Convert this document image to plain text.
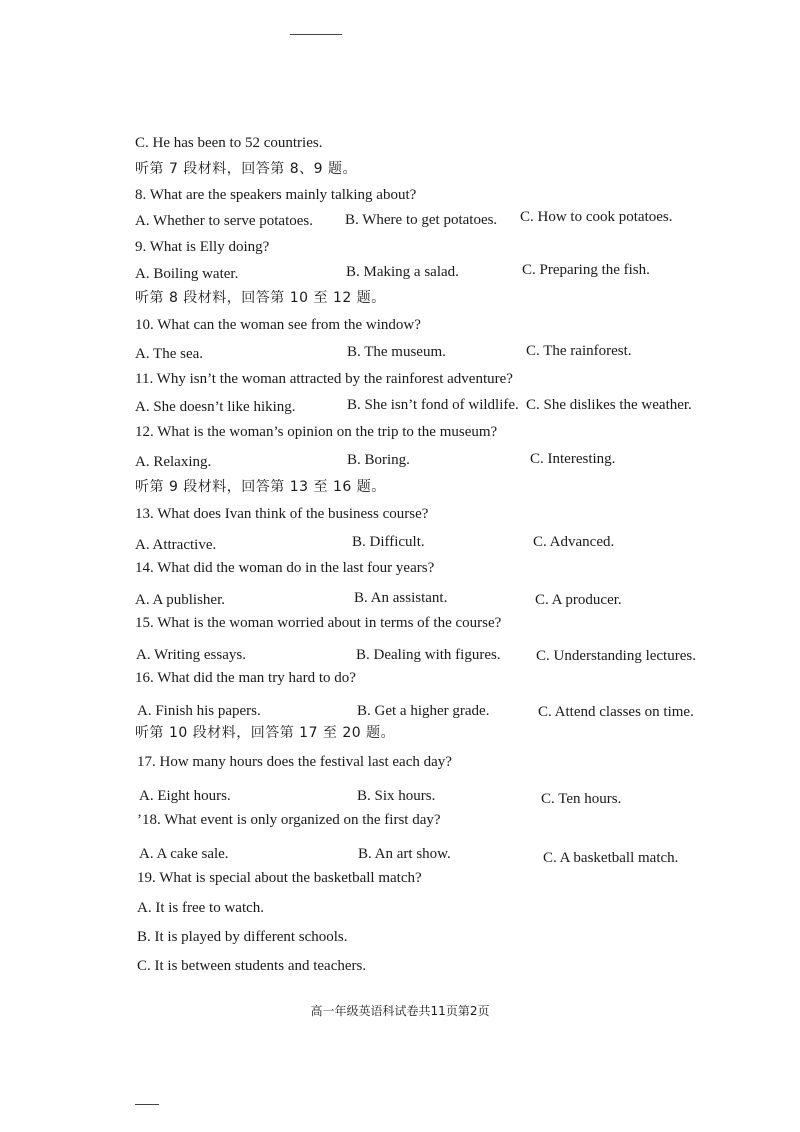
C. He has been to 52 countries.
听第 7 段材料，回答第 8、9 题。
8. What are the speakers mainly talking about?
A. Whether to serve potatoes. B. Where to get potatoes. C. How to cook potatoes.
9. What is Elly doing?
A. Boiling water.	B. Making a salad.	C. Preparing the fish.
听第 8 段材料，回答第 10 至 12 题。
10. What can the woman see from the window?
A. The sea.	B. The museum.	C. The rainforest.
11. Why isn’t the woman attracted by the rainforest adventure?
A. She doesn’t like hiking.	B. She isn’t fond of wildlife. C. She dislikes the weather.
12. What is the woman’s opinion on the trip to the museum?
A. Relaxing.	B. Boring.	C. Interesting.
听第 9 段材料，回答第 13 至 16 题。
13. What does Ivan think of the business course?
A. Attractive.	B. Difficult.	C. Advanced.
14. What did the woman do in the last four years?
A. A publisher.	B. An assistant.	C. A producer.
15. What is the woman worried about in terms of the course?
A. Writing essays.	B. Dealing with figures. C. Understanding lectures.
16. What did the man try hard to do?
A. Finish his papers.	B. Get a higher grade.	C. Attend classes on time.
听第 10 段材料，回答第 17 至 20 题。
17. How many hours does the festival last each day?
A. Eight hours.	B. Six hours.	C. Ten hours.
’18. What event is only organized on the first day?
A. A cake sale.	B. An art show.	C. A basketball match.
19. What is special about the basketball match?
A. It is free to watch.
B. It is played by different schools.
C. It is between students and teachers.
高一年级英语科试卷共11页第2页
